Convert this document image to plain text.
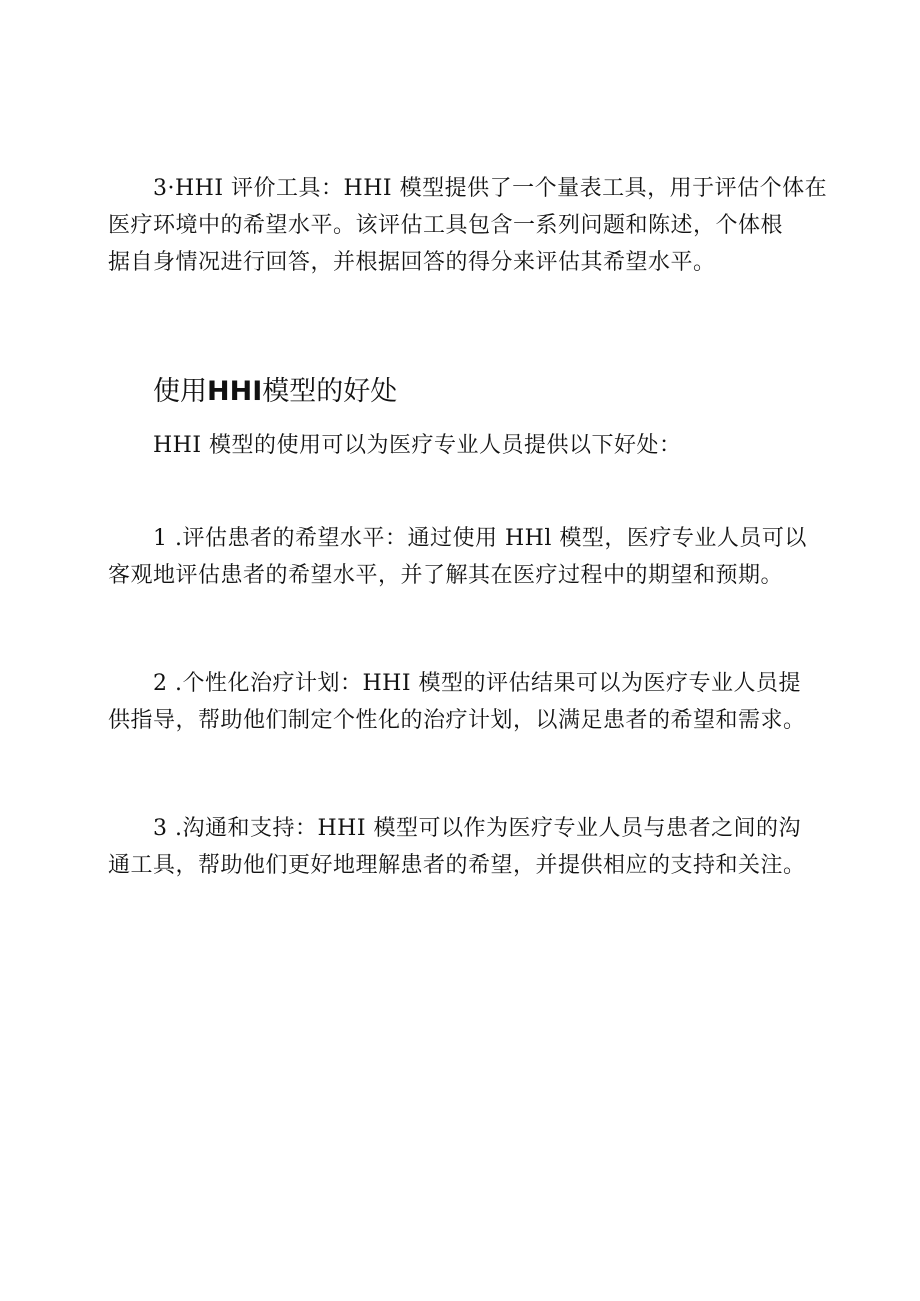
3·HHI 评价工具：HHI 模型提供了一个量表工具，用于评估个体在
医疗环境中的希望水平。该评估工具包含一系列问题和陈述，个体根
据自身情况进行回答，并根据回答的得分来评估其希望水平。
使用HHI模型的好处
HHI 模型的使用可以为医疗专业人员提供以下好处：
1 .评估患者的希望水平：通过使用 HHl 模型，医疗专业人员可以
客观地评估患者的希望水平，并了解其在医疗过程中的期望和预期。
2 .个性化治疗计划：HHI 模型的评估结果可以为医疗专业人员提
供指导，帮助他们制定个性化的治疗计划，以满足患者的希望和需求。
3 .沟通和支持：HHI 模型可以作为医疗专业人员与患者之间的沟
通工具，帮助他们更好地理解患者的希望，并提供相应的支持和关注。
